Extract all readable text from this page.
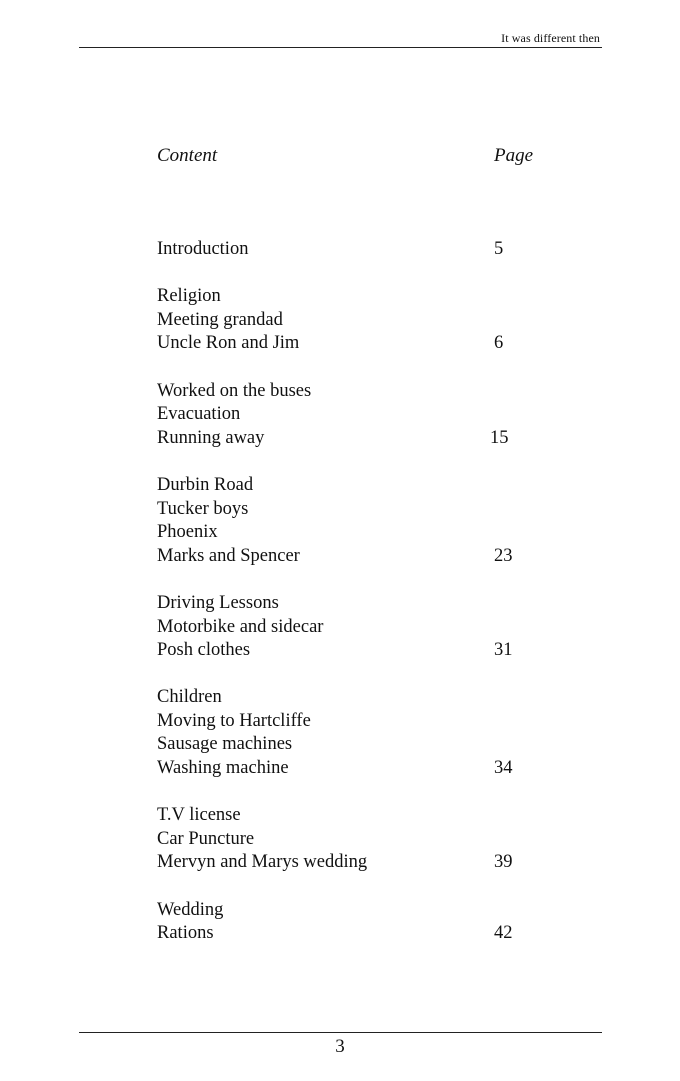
It was different then
Content	Page
Introduction	5
Religion
Meeting grandad
Uncle Ron and Jim	6
Worked on the buses
Evacuation
Running away	15
Durbin Road
Tucker boys
Phoenix
Marks and Spencer	23
Driving Lessons
Motorbike and sidecar
Posh clothes	31
Children
Moving to Hartcliffe
Sausage machines
Washing machine	34
T.V license
Car Puncture
Mervyn and Marys wedding	39
Wedding
Rations	42
3
